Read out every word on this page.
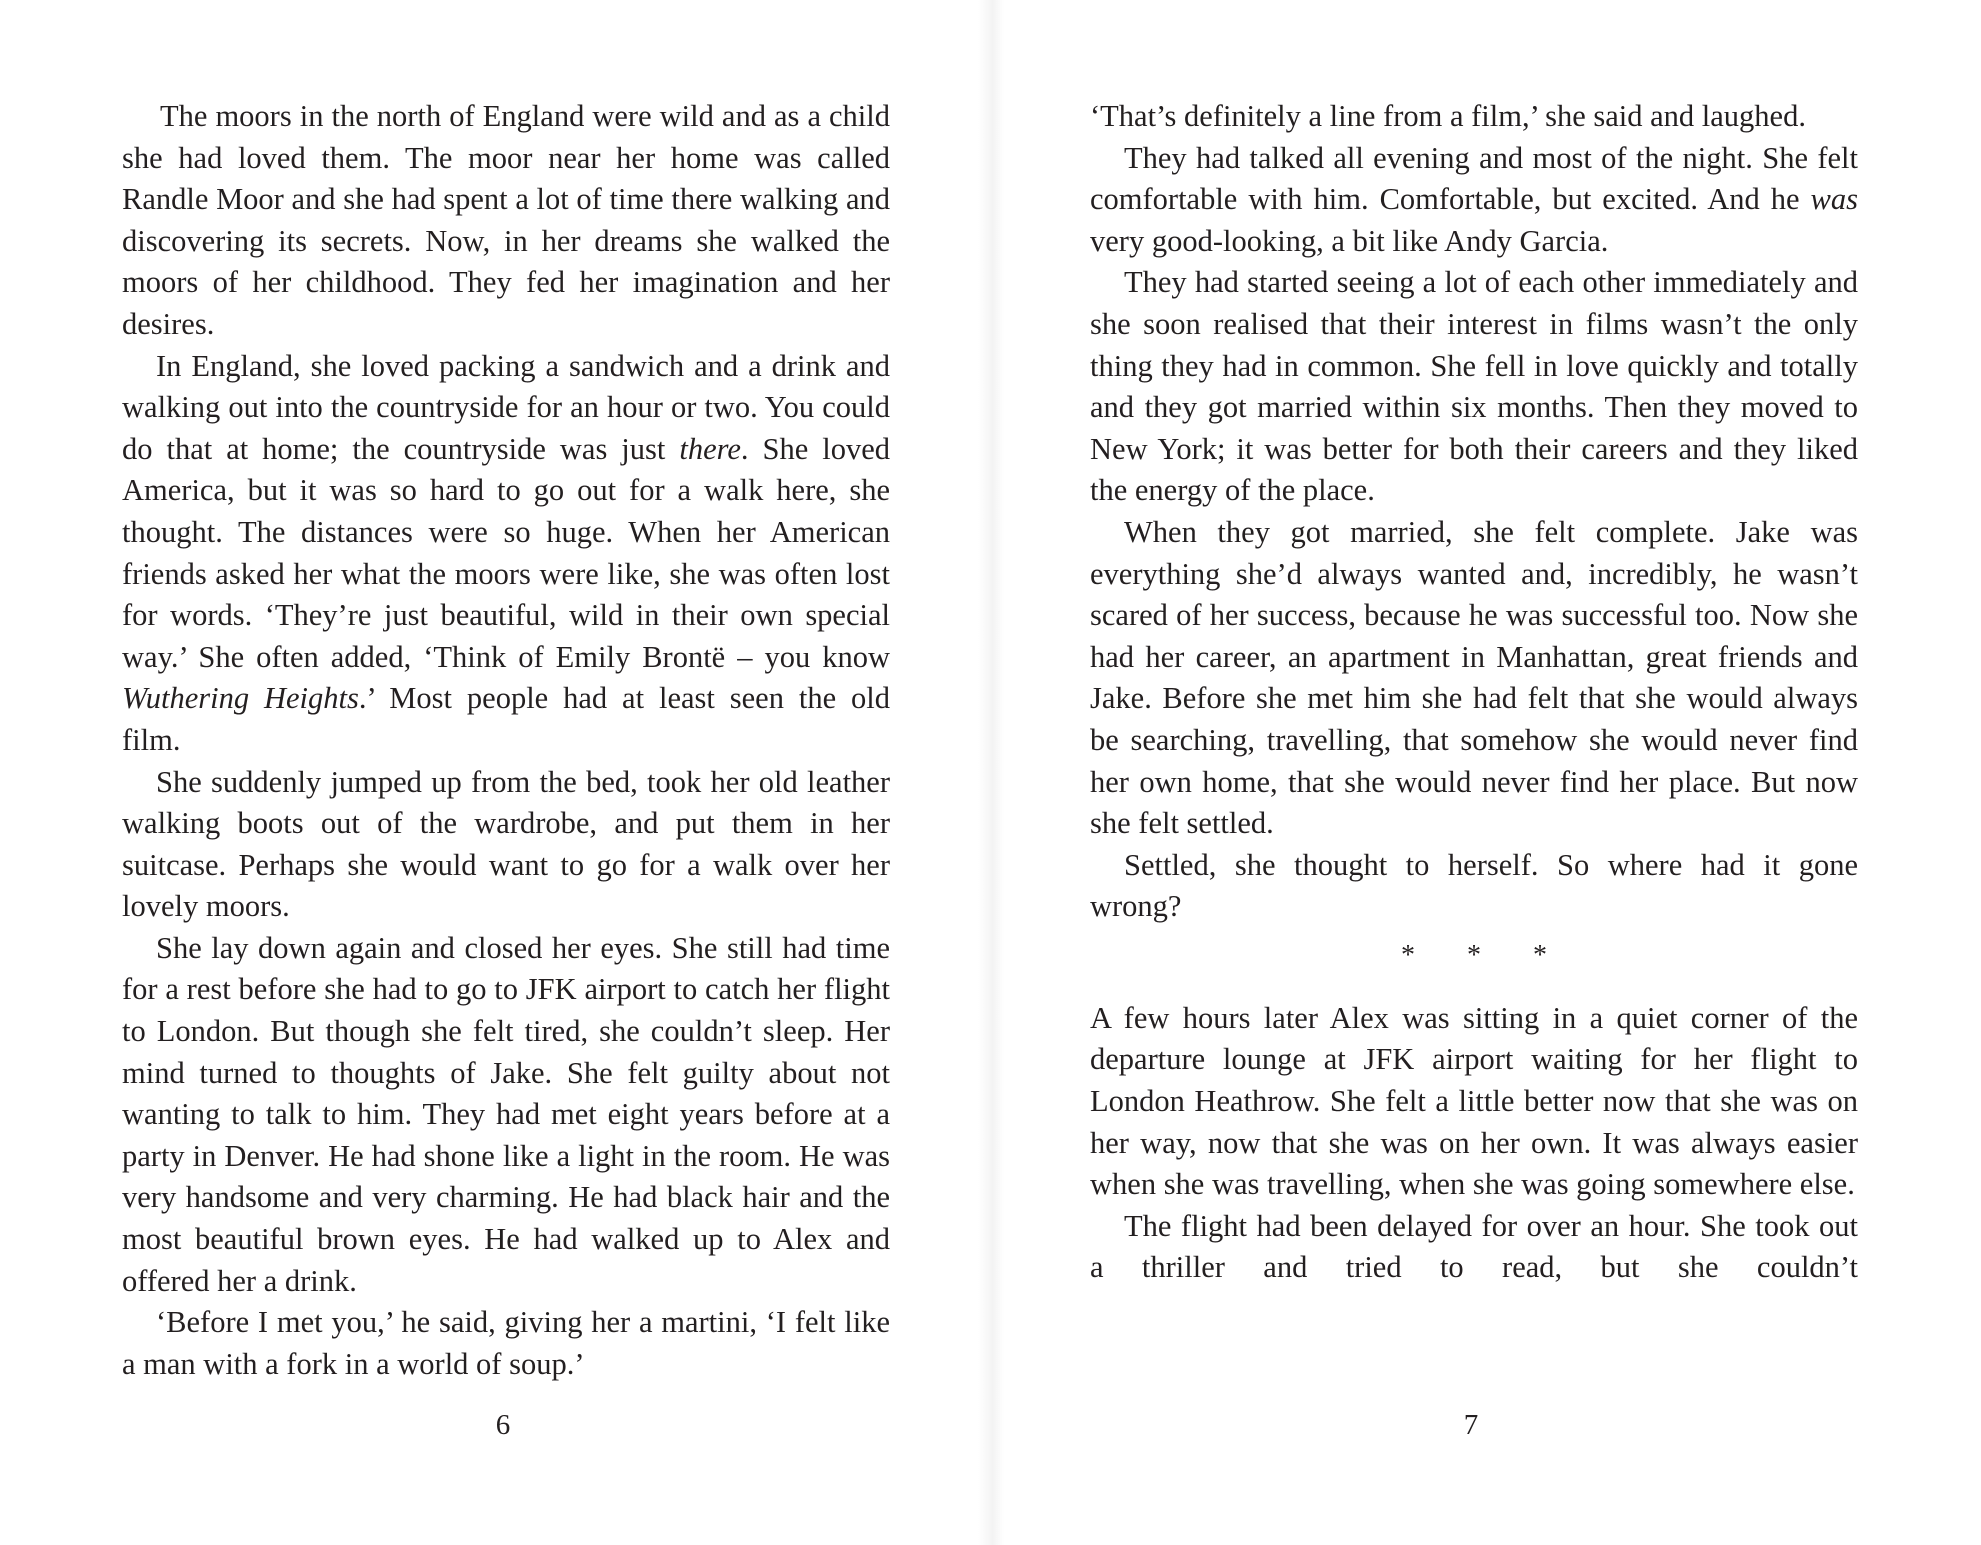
The moors in the north of England were wild and as a child she had loved them. The moor near her home was called Randle Moor and she had spent a lot of time there walking and discovering its secrets. Now, in her dreams she walked the moors of her childhood. They fed her imagination and her desires.

In England, she loved packing a sandwich and a drink and walking out into the countryside for an hour or two. You could do that at home; the countryside was just there. She loved America, but it was so hard to go out for a walk here, she thought. The distances were so huge. When her American friends asked her what the moors were like, she was often lost for words. ‘They’re just beautiful, wild in their own special way.’ She often added, ‘Think of Emily Brontë – you know Wuthering Heights.’ Most people had at least seen the old film.

She suddenly jumped up from the bed, took her old leather walking boots out of the wardrobe, and put them in her suitcase. Perhaps she would want to go for a walk over her lovely moors.

She lay down again and closed her eyes. She still had time for a rest before she had to go to JFK airport to catch her flight to London. But though she felt tired, she couldn’t sleep. Her mind turned to thoughts of Jake. She felt guilty about not wanting to talk to him. They had met eight years before at a party in Denver. He had shone like a light in the room. He was very handsome and very charming. He had black hair and the most beautiful brown eyes. He had walked up to Alex and offered her a drink.

‘Before I met you,’ he said, giving her a martini, ‘I felt like a man with a fork in a world of soup.’

6

‘That’s definitely a line from a film,’ she said and laughed.

They had talked all evening and most of the night. She felt comfortable with him. Comfortable, but excited. And he was very good-looking, a bit like Andy Garcia.

They had started seeing a lot of each other immediately and she soon realised that their interest in films wasn’t the only thing they had in common. She fell in love quickly and totally and they got married within six months. Then they moved to New York; it was better for both their careers and they liked the energy of the place.

When they got married, she felt complete. Jake was everything she’d always wanted and, incredibly, he wasn’t scared of her success, because he was successful too. Now she had her career, an apartment in Manhattan, great friends and Jake. Before she met him she had felt that she would always be searching, travelling, that somehow she would never find her own home, that she would never find her place. But now she felt settled.

Settled, she thought to herself. So where had it gone wrong?

* * *

A few hours later Alex was sitting in a quiet corner of the departure lounge at JFK airport waiting for her flight to London Heathrow. She felt a little better now that she was on her way, now that she was on her own. It was always easier when she was travelling, when she was going somewhere else.

The flight had been delayed for over an hour. She took out a thriller and tried to read, but she couldn’t

7
